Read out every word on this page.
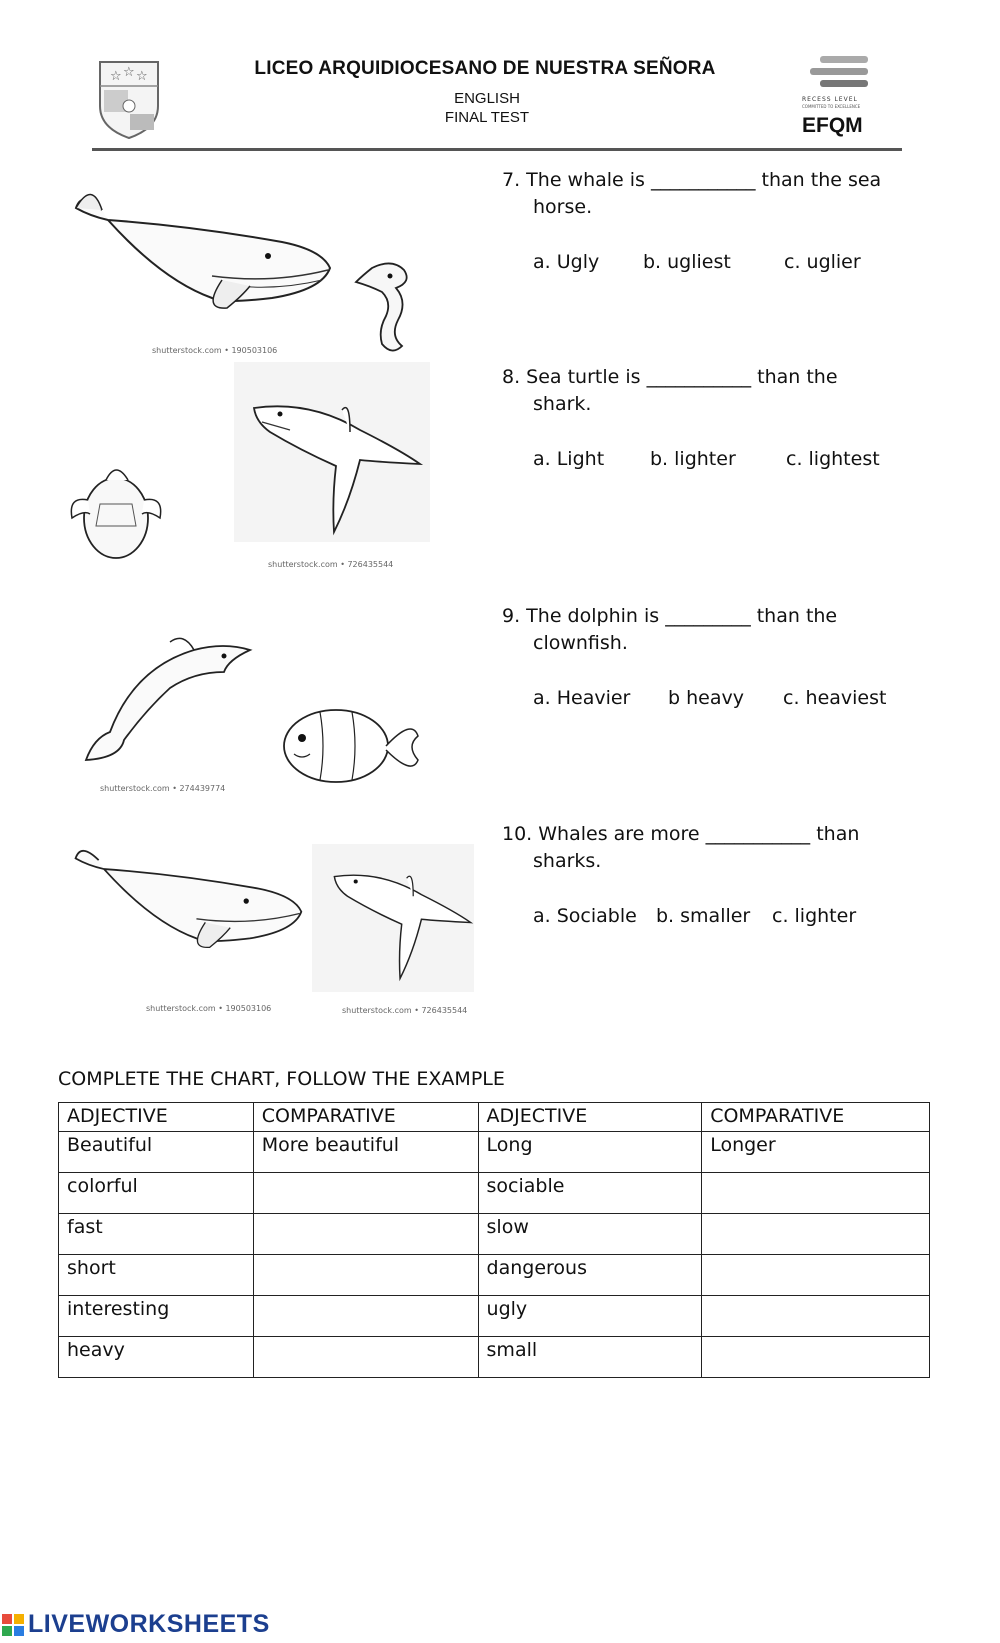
☆ ☆ ☆	LICEO ARQUIDIOCESANO DE NUESTRA SEÑORA
ENGLISH
FINAL TEST
RECESS LEVEL
COMMITTED TO EXCELLENCE
EFQM
shutterstock.com • 190503106
shutterstock.com • 726435544
shutterstock.com • 274439774
shutterstock.com • 190503106	shutterstock.com • 726435544
7. The whale is ___________ than the sea
horse.
a. Ugly b. ugliest	c. uglier
8. Sea turtle is ___________ than the
shark.
a. Light b. lighter	c. lightest
9. The dolphin is _________ than the
clownfish.
a. Heavier b heavy c. heaviest
10. Whales are more ___________ than
sharks.
a. Sociable b. smaller c. lighter
COMPLETE THE CHART, FOLLOW THE EXAMPLE
ADJECTIVE	COMPARATIVE	ADJECTIVE	COMPARATIVE
Beautiful	More beautiful	Long	Longer
colorful		sociable	
fast		slow	
short		dangerous	
interesting		ugly	
heavy		small	
LIVEWORKSHEETS
